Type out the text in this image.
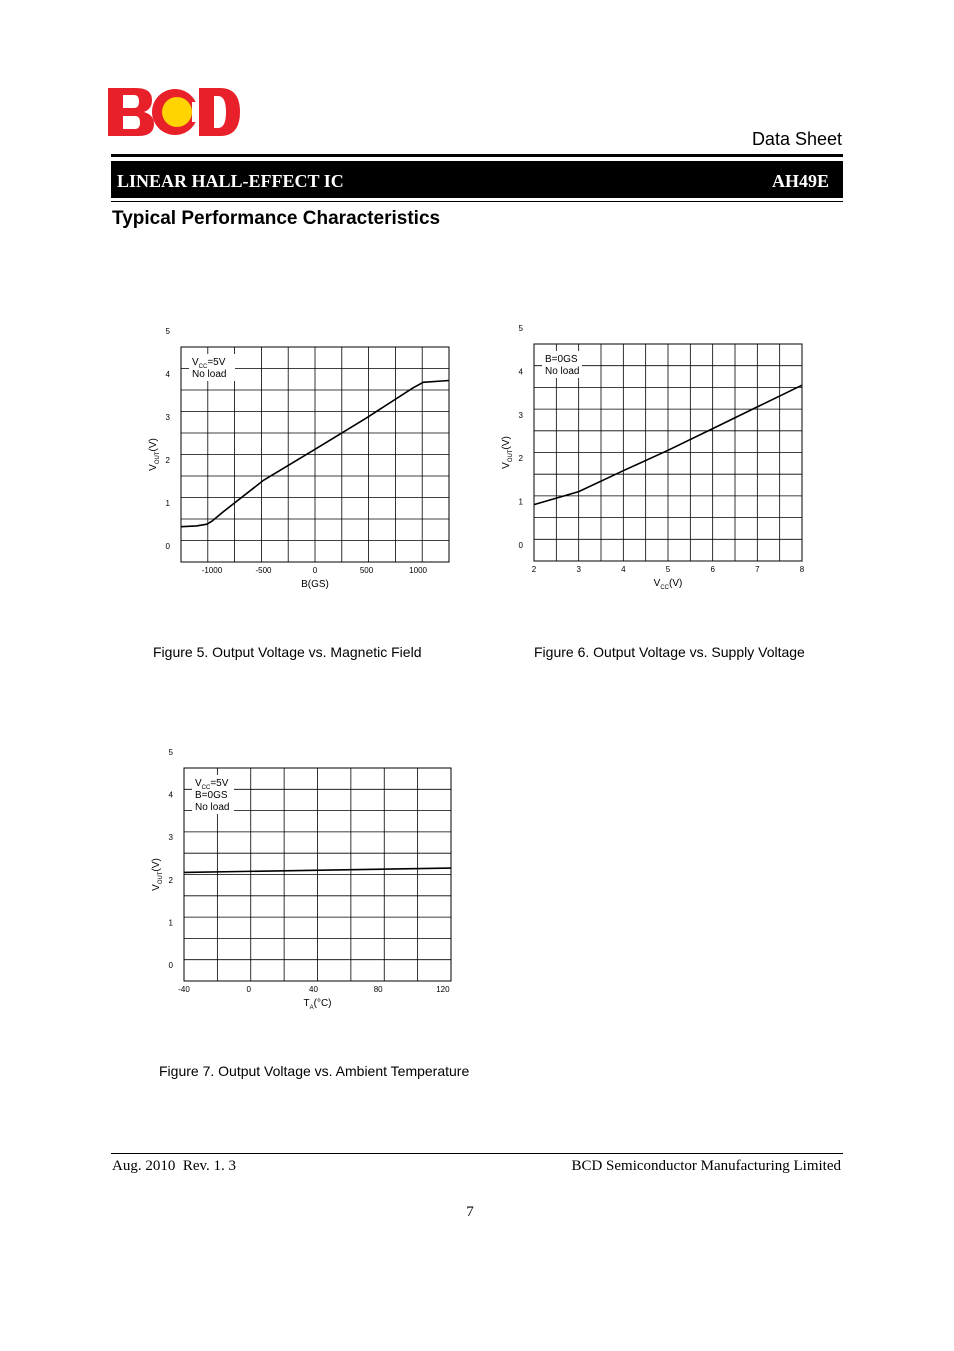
Data Sheet
LINEAR HALL-EFFECT IC	AH49E
Typical Performance Characteristics
$V_{CC}=5V$
No load
-1000	-500	0	500	1000
0
1
2
3
4
5
B(GS)
$V_{OUT}(V)$
Figure 5. Output Voltage vs. Magnetic Field
B=0GS
No load
2	3	4	5	6	7	8
0
1
2
3
4
5
$V_{CC}(V)$
$V_{OUT}(V)$
Figure 6. Output Voltage vs. Supply Voltage
$V_{CC}=5V$
B=0GS
No load
-40	0	40	80	120
0
1
2
3
4
5
$T_A(^\circ C)$
$V_{OUT}(V)$
Figure 7. Output Voltage vs. Ambient Temperature
Aug. 2010  Rev. 1. 3	BCD Semiconductor Manufacturing Limited
7
